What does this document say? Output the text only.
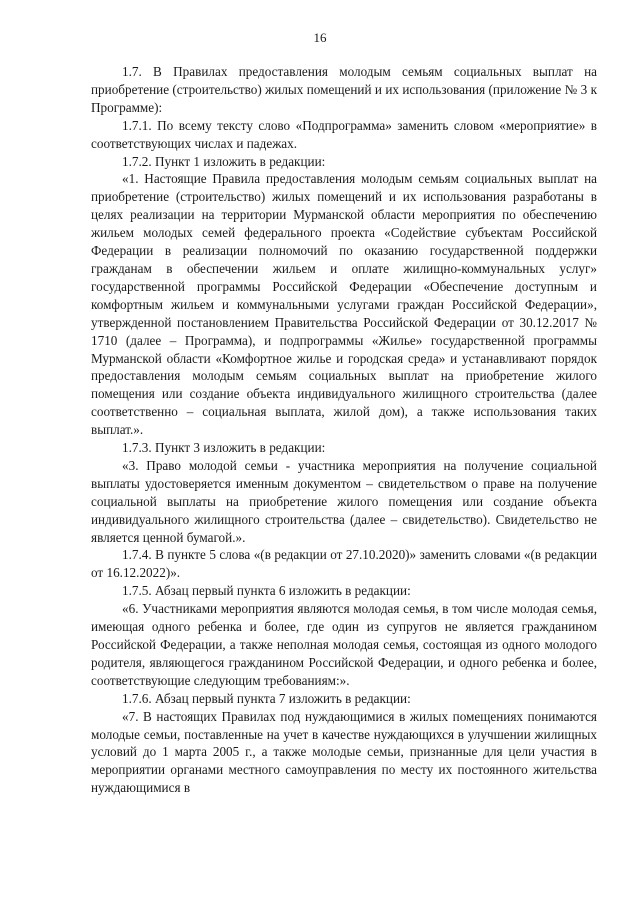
16

1.7. В Правилах предоставления молодым семьям социальных выплат на приобретение (строительство) жилых помещений и их использования (приложение № 3 к Программе):

1.7.1. По всему тексту слово «Подпрограмма» заменить словом «мероприятие» в соответствующих числах и падежах.

1.7.2. Пункт 1 изложить в редакции:

«1. Настоящие Правила предоставления молодым семьям социальных выплат на приобретение (строительство) жилых помещений и их использования разработаны в целях реализации на территории Мурманской области мероприятия по обеспечению жильем молодых семей федерального проекта «Содействие субъектам Российской Федерации в реализации полномочий по оказанию государственной поддержки гражданам в обеспечении жильем и оплате жилищно-коммунальных услуг» государственной программы Российской Федерации «Обеспечение доступным и комфортным жильем и коммунальными услугами граждан Российской Федерации», утвержденной постановлением Правительства Российской Федерации от 30.12.2017 № 1710 (далее – Программа), и подпрограммы «Жилье» государственной программы Мурманской области «Комфортное жилье и городская среда» и устанавливают порядок предоставления молодым семьям социальных выплат на приобретение жилого помещения или создание объекта индивидуального жилищного строительства (далее соответственно – социальная выплата, жилой дом), а также использования таких выплат.».

1.7.3. Пункт 3 изложить в редакции:

«3. Право молодой семьи - участника мероприятия на получение социальной выплаты удостоверяется именным документом – свидетельством о праве на получение социальной выплаты на приобретение жилого помещения или создание объекта индивидуального жилищного строительства (далее – свидетельство). Свидетельство не является ценной бумагой.».

1.7.4. В пункте 5 слова «(в редакции от 27.10.2020)» заменить словами «(в редакции от 16.12.2022)».

1.7.5. Абзац первый пункта 6 изложить в редакции:

«6. Участниками мероприятия являются молодая семья, в том числе молодая семья, имеющая одного ребенка и более, где один из супругов не является гражданином Российской Федерации, а также неполная молодая семья, состоящая из одного молодого родителя, являющегося гражданином Российской Федерации, и одного ребенка и более, соответствующие следующим требованиям:».

1.7.6. Абзац первый пункта 7 изложить в редакции:

«7. В настоящих Правилах под нуждающимися в жилых помещениях понимаются молодые семьи, поставленные на учет в качестве нуждающихся в улучшении жилищных условий до 1 марта 2005 г., а также молодые семьи, признанные для цели участия в мероприятии органами местного самоуправления по месту их постоянного жительства нуждающимися в
